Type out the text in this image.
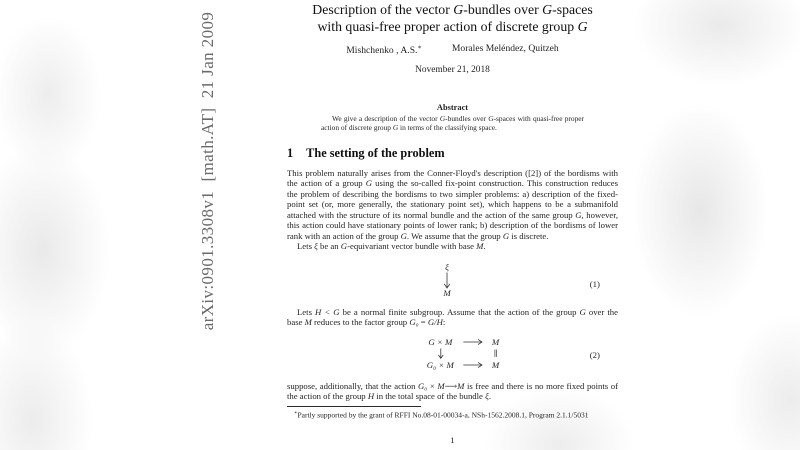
arXiv:0901.3308v1  [math.AT]  21 Jan 2009
Description of the vector G-bundles over G-spaces
with quasi-free proper action of discrete group G
Mishchenko , A.S.∗	Morales Meléndez, Quitzeh
November 21, 2018
Abstract
We give a description of the vector G-bundles over G-spaces with quasi-free proper action of discrete group G in terms of the classifying space.
1 The setting of the problem

This problem naturally arises from the Conner-Floyd's description ([2]) of the bordisms with the action of a group G using the so-called fix-point construction. This construction reduces the problem of describing the bordisms to two simpler problems: a) description of the fixed-point set (or, more generally, the stationary point set), which happens to be a submanifold attached with the structure of its normal bundle and the action of the same group G, however, this action could have stationary points of lower rank; b) description of the bordisms of lower rank with an action of the group G. We assume that the group G is discrete.

Lets ξ be an G-equivariant vector bundle with base M.

ξ
M
(1)

Lets H < G be a normal finite subgroup. Assume that the action of the group G over the base M reduces to the factor group G₀ = G/H:

G × M	M
∥
G₀ × M	M
(2)

suppose, additionally, that the action G₀ × M⟶M is free and there is no more fixed points of the action of the group H in the total space of the bundle ξ.

∗Partly supported by the grant of RFFI No.08-01-00034-a, NSh-1562.2008.1, Program 2.1.1/5031

1
